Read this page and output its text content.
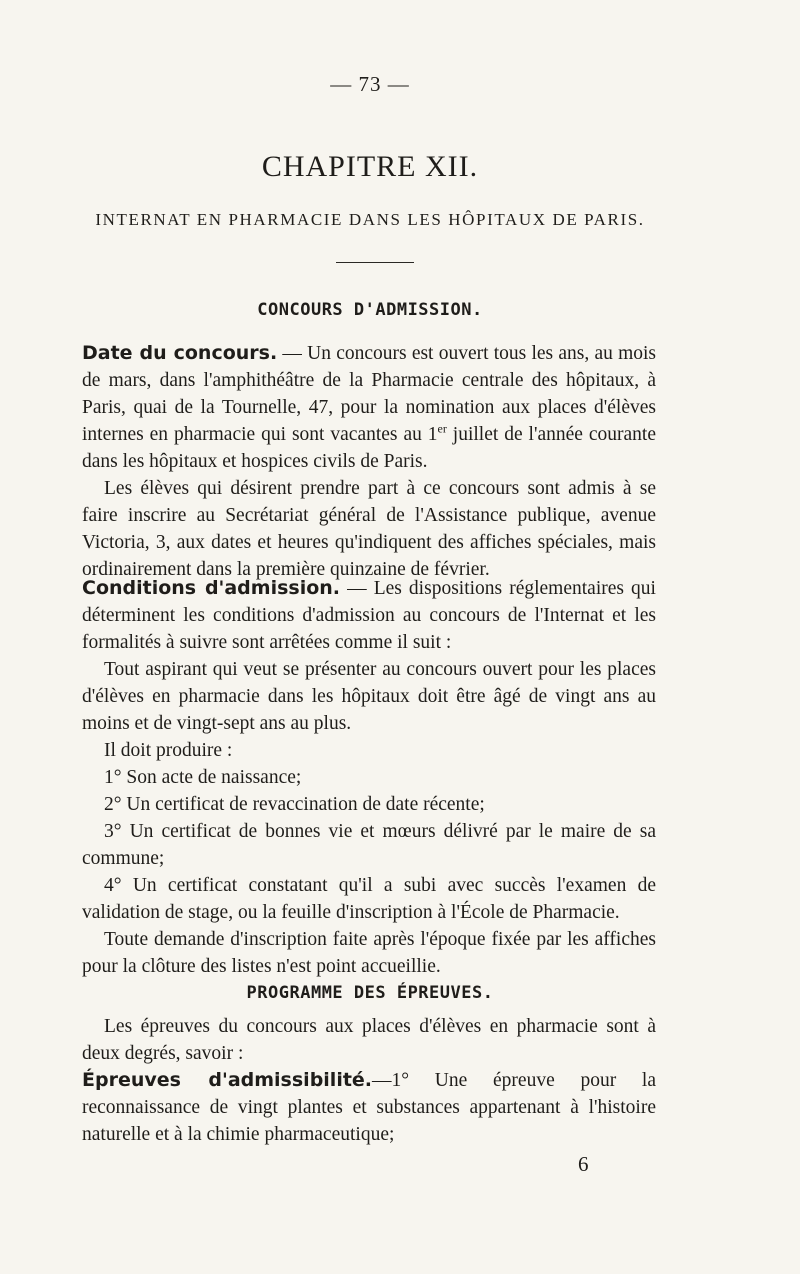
— 73 —
CHAPITRE XII.
INTERNAT EN PHARMACIE DANS LES HÔPITAUX DE PARIS.
CONCOURS D'ADMISSION.

Date du concours. — Un concours est ouvert tous les ans, au mois de mars, dans l'amphithéâtre de la Pharmacie centrale des hôpitaux, à Paris, quai de la Tournelle, 47, pour la nomination aux places d'élèves internes en pharmacie qui sont vacantes au 1er juillet de l'année courante dans les hôpitaux et hospices civils de Paris.

Les élèves qui désirent prendre part à ce concours sont admis à se faire inscrire au Secrétariat général de l'Assistance publique, avenue Victoria, 3, aux dates et heures qu'indiquent des affiches spéciales, mais ordinairement dans la première quinzaine de février.

Conditions d'admission. — Les dispositions réglementaires qui déterminent les conditions d'admission au concours de l'Internat et les formalités à suivre sont arrêtées comme il suit :

Tout aspirant qui veut se présenter au concours ouvert pour les places d'élèves en pharmacie dans les hôpitaux doit être âgé de vingt ans au moins et de vingt-sept ans au plus.

Il doit produire :

1° Son acte de naissance;

2° Un certificat de revaccination de date récente;

3° Un certificat de bonnes vie et mœurs délivré par le maire de sa commune;

4° Un certificat constatant qu'il a subi avec succès l'examen de validation de stage, ou la feuille d'inscription à l'École de Pharmacie.

Toute demande d'inscription faite après l'époque fixée par les affiches pour la clôture des listes n'est point accueillie.

PROGRAMME DES ÉPREUVES.

Les épreuves du concours aux places d'élèves en pharmacie sont à deux degrés, savoir :

Épreuves d'admissibilité.—1° Une épreuve pour la reconnaissance de vingt plantes et substances appartenant à l'histoire naturelle et à la chimie pharmaceutique;

6
